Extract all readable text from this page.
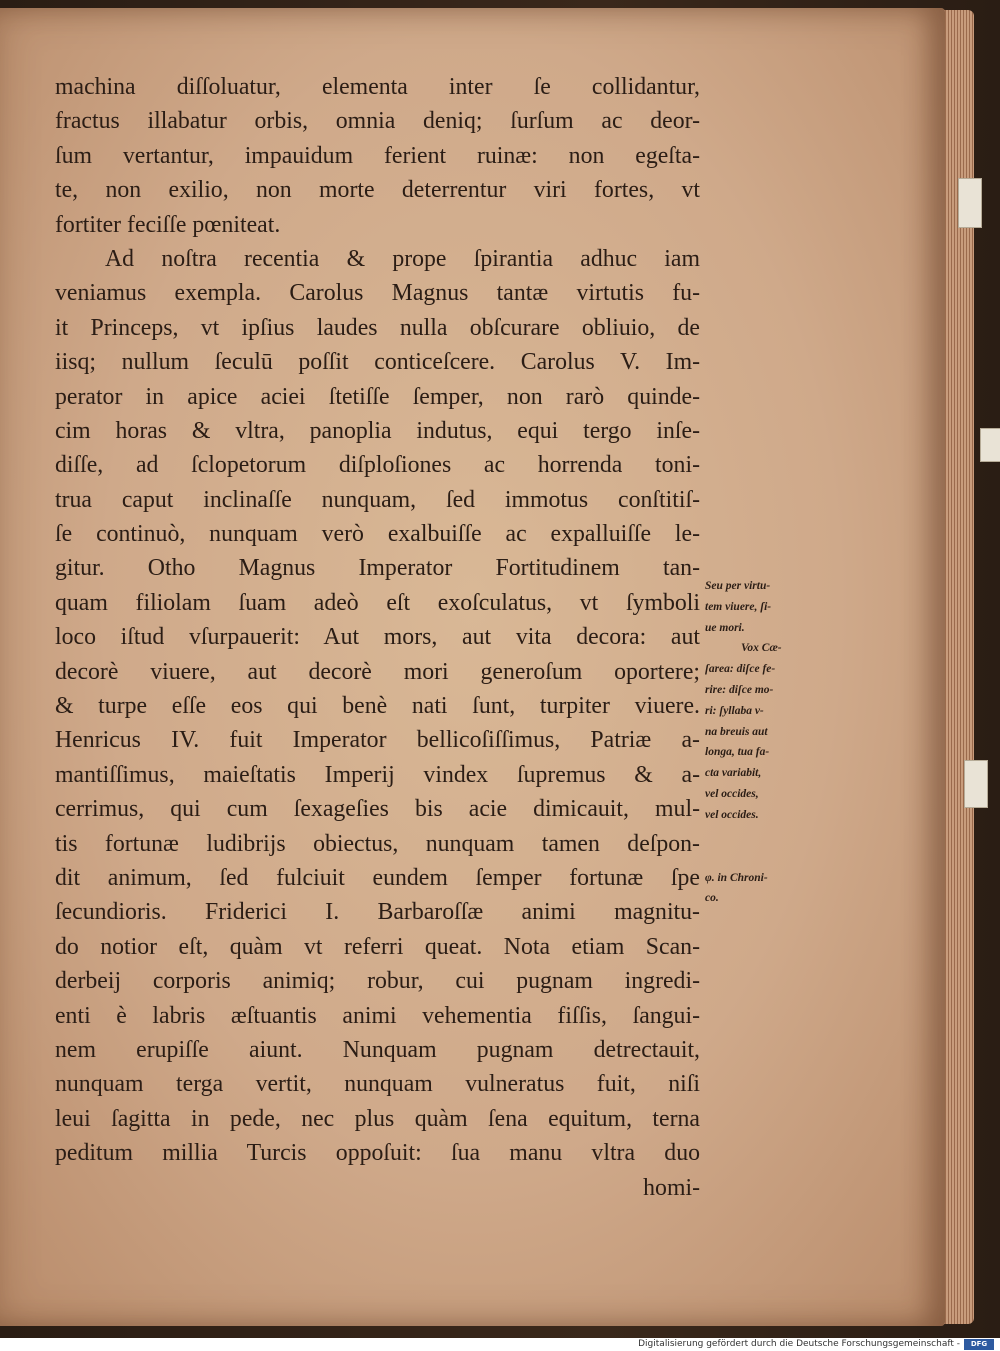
machina diſſoluatur, elementa inter ſe collidantur,
fractus illabatur orbis, omnia deniq; ſurſum ac deor-
ſum vertantur, impauidum ferient ruinæ: non egeſta-
te, non exilio, non morte deterrentur viri fortes, vt
fortiter feciſſe pœniteat.
Ad noſtra recentia & prope ſpirantia adhuc iam
veniamus exempla. Carolus Magnus tantæ virtutis fu-
it Princeps, vt ipſius laudes nulla obſcurare obliuio, de
iisq; nullum ſeculū poſſit conticeſcere. Carolus V. Im-
perator in apice aciei ſtetiſſe ſemper, non rarò quinde-
cim horas & vltra, panoplia indutus, equi tergo inſe-
diſſe, ad ſclopetorum diſploſiones ac horrenda toni-
trua caput inclinaſſe nunquam, ſed immotus conſtitiſ-
ſe continuò, nunquam verò exalbuiſſe ac expalluiſſe le-
gitur. Otho Magnus Imperator Fortitudinem tan-
quam filiolam ſuam adeò eſt exoſculatus, vt ſymboli
loco iſtud vſurpauerit: Aut mors, aut vita decora: aut
decorè viuere, aut decorè mori generoſum oportere;
& turpe eſſe eos qui benè nati ſunt, turpiter viuere.
Henricus IV. fuit Imperator bellicoſiſſimus, Patriæ a-
mantiſſimus, maieſtatis Imperij vindex ſupremus & a-
cerrimus, qui cum ſexageſies bis acie dimicauit, mul-
tis fortunæ ludibrijs obiectus, nunquam tamen deſpon-
dit animum, ſed fulciuit eundem ſemper fortunæ ſpe
ſecundioris. Friderici I. Barbaroſſæ animi magnitu-
do notior eſt, quàm vt referri queat. Nota etiam Scan-
derbeij corporis animiq; robur, cui pugnam ingredi-
enti è labris æſtuantis animi vehementia fiſſis, ſangui-
nem erupiſſe aiunt. Nunquam pugnam detrectauit,
nunquam terga vertit, nunquam vulneratus fuit, niſi
leui ſagitta in pede, nec plus quàm ſena equitum, terna
peditum millia Turcis oppoſuit: ſua manu vltra duo
homi-
Seu per virtu-
tem viuere, ſi-
ue mori.
Vox Cæ-
ſarea: diſce fe-
rire: diſce mo-
ri: ſyllaba v-
na breuis aut
longa, tua fa-
cta variabit,
vel occides,
vel occides.
φ. in Chroni-
co.
Digitalisierung gefördert durch die Deutsche Forschungsgemeinschaft -	DFG
